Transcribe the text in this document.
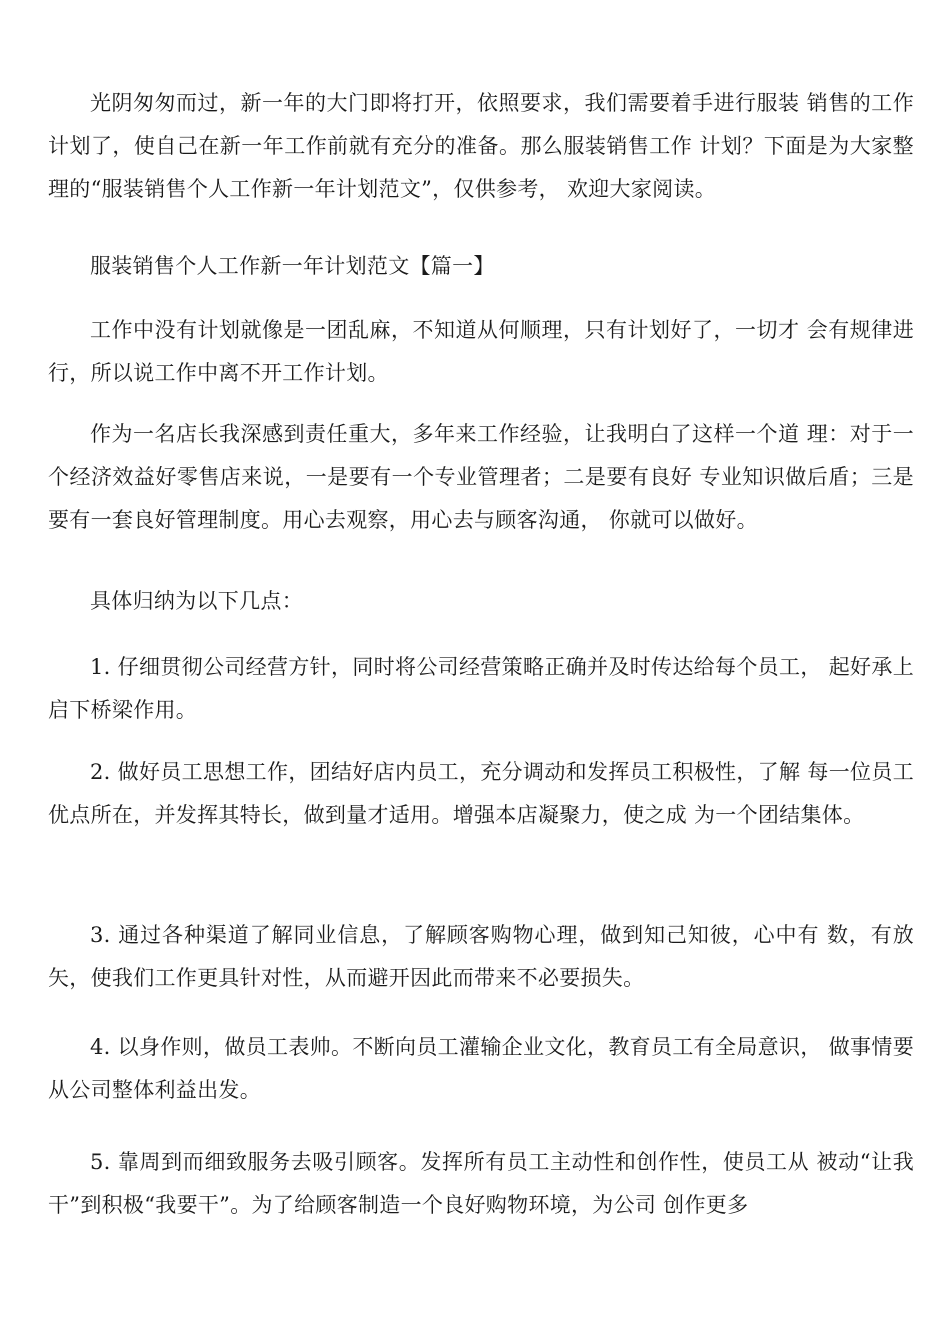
光阴匆匆而过，新一年的大门即将打开，依照要求，我们需要着手进行服装 销售的工作计划了，使自己在新一年工作前就有充分的准备。那么服装销售工作 计划？下面是为大家整理的“服装销售个人工作新一年计划范文”，仅供参考， 欢迎大家阅读。

服装销售个人工作新一年计划范文【篇一】

工作中没有计划就像是一团乱麻，不知道从何顺理，只有计划好了，一切才 会有规律进行，所以说工作中离不开工作计划。

作为一名店长我深感到责任重大，多年来工作经验，让我明白了这样一个道 理：对于一个经济效益好零售店来说，一是要有一个专业管理者；二是要有良好 专业知识做后盾；三是要有一套良好管理制度。用心去观察，用心去与顾客沟通， 你就可以做好。

具体归纳为以下几点：

1. 仔细贯彻公司经营方针，同时将公司经营策略正确并及时传达给每个员工， 起好承上启下桥梁作用。

2. 做好员工思想工作，团结好店内员工，充分调动和发挥员工积极性，了解 每一位员工优点所在，并发挥其特长，做到量才适用。增强本店凝聚力，使之成 为一个团结集体。

3. 通过各种渠道了解同业信息，了解顾客购物心理，做到知己知彼，心中有 数，有放矢，使我们工作更具针对性，从而避开因此而带来不必要损失。

4. 以身作则，做员工表帅。不断向员工灌输企业文化，教育员工有全局意识， 做事情要从公司整体利益出发。

5. 靠周到而细致服务去吸引顾客。发挥所有员工主动性和创作性，使员工从 被动“让我干”到积极“我要干”。为了给顾客制造一个良好购物环境，为公司 创作更多
